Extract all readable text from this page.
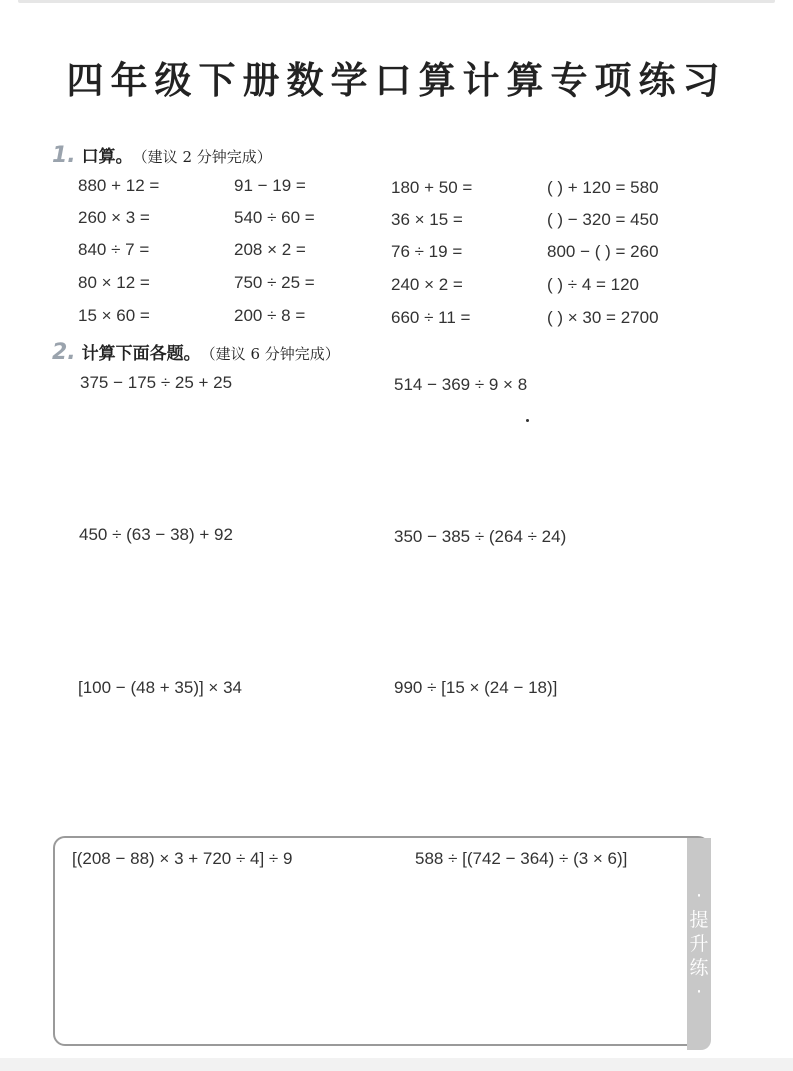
四年级下册数学口算计算专项练习
1. 口算。 （建议 2 分钟完成）
880 + 12 =	91 − 19 =	180 + 50 =	( ) + 120 = 580
260 × 3 =	540 ÷ 60 =	36 × 15 =	( ) − 320 = 450
840 ÷ 7 =	208 × 2 =	76 ÷ 19 =	800 − ( ) = 260
80 × 12 =	750 ÷ 25 =	240 × 2 =	( ) ÷ 4 = 120
15 × 60 =	200 ÷ 8 =	660 ÷ 11 =	( ) × 30 = 2700
2. 计算下面各题。 （建议 6 分钟完成）
375 − 175 ÷ 25 + 25	514 − 369 ÷ 9 × 8
450 ÷ (63 − 38) + 92	350 − 385 ÷ (264 ÷ 24)
[100 − (48 + 35)] × 34	990 ÷ [15 × (24 − 18)]
[(208 − 88) × 3 + 720 ÷ 4] ÷ 9	588 ÷ [(742 − 364) ÷ (3 × 6)]
·
提
升
练
·
